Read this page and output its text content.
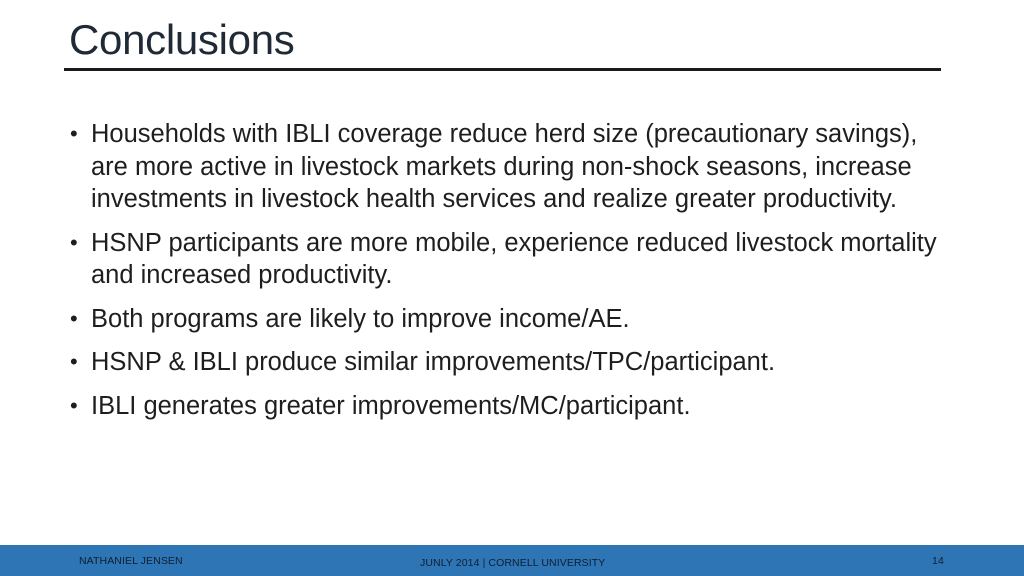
Conclusions
• Households with IBLI coverage reduce herd size (precautionary savings), are more active in livestock markets during non-shock seasons, increase investments in livestock health services and realize greater productivity.
• HSNP participants are more mobile, experience reduced livestock mortality and increased productivity.
• Both programs are likely to improve income/AE.
• HSNP & IBLI produce similar improvements/TPC/participant.
• IBLI generates greater improvements/MC/participant.
NATHANIEL JENSEN	JUNLY 2014 | CORNELL UNIVERSITY	14
